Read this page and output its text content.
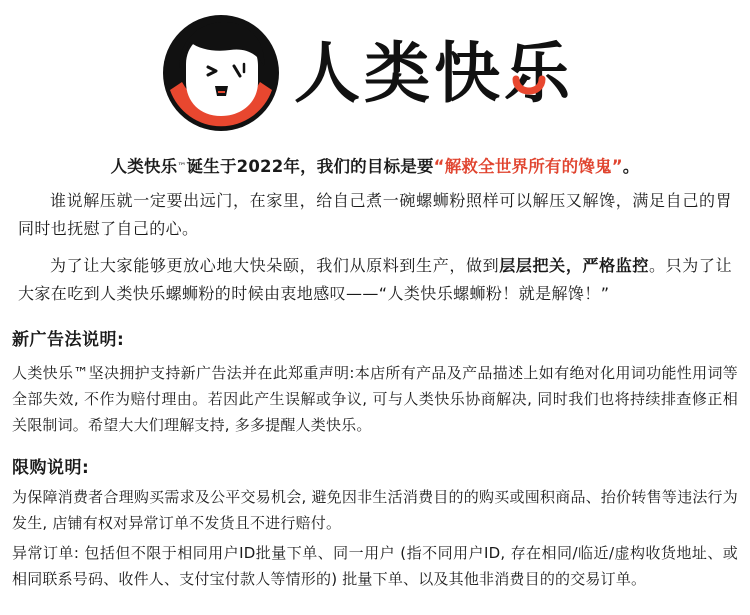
人类快乐

人类快乐™诞生于2022年，我们的目标是要“解救全世界所有的馋鬼”。

谁说解压就一定要出远门，在家里，给自己煮一碗螺蛳粉照样可以解压又解馋，满足自己的胃同时也抚慰了自己的心。

为了让大家能够更放心地大快朵颐，我们从原料到生产，做到层层把关，严格监控。只为了让大家在吃到人类快乐螺蛳粉的时候由衷地感叹——“人类快乐螺蛳粉！就是解馋！”

新广告法说明:

人类快乐™坚决拥护支持新广告法并在此郑重声明:本店所有产品及产品描述上如有绝对化用词功能性用词等全部失效, 不作为赔付理由。若因此产生误解或争议, 可与人类快乐协商解决, 同时我们也将持续排查修正相关限制词。希望大大们理解支持, 多多提醒人类快乐。

限购说明:

为保障消费者合理购买需求及公平交易机会, 避免因非生活消费目的的购买或囤积商品、抬价转售等违法行为发生, 店铺有权对异常订单不发货且不进行赔付。

异常订单: 包括但不限于相同用户ID批量下单、同一用户 (指不同用户ID, 存在相同/临近/虚构收货地址、或相同联系号码、收件人、支付宝付款人等情形的) 批量下单、以及其他非消费目的的交易订单。
